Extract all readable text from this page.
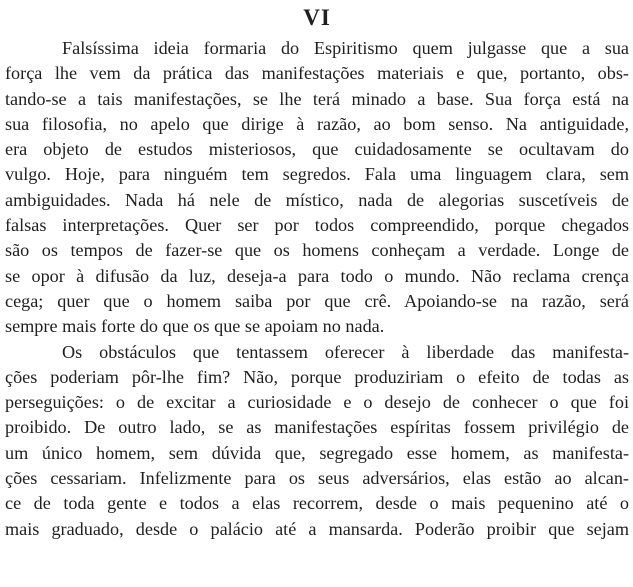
VI

Falsíssima ideia formaria do Espiritismo quem julgasse que a sua
força lhe vem da prática das manifestações materiais e que, portanto, obs-
tando-se a tais manifestações, se lhe terá minado a base. Sua força está na
sua filosofia, no apelo que dirige à razão, ao bom senso. Na antiguidade,
era objeto de estudos misteriosos, que cuidadosamente se ocultavam do
vulgo. Hoje, para ninguém tem segredos. Fala uma linguagem clara, sem
ambiguidades. Nada há nele de místico, nada de alegorias suscetíveis de
falsas interpretações. Quer ser por todos compreendido, porque chegados
são os tempos de fazer-se que os homens conheçam a verdade. Longe de
se opor à difusão da luz, deseja-a para todo o mundo. Não reclama crença
cega; quer que o homem saiba por que crê. Apoiando-se na razão, será
sempre mais forte do que os que se apoiam no nada.

Os obstáculos que tentassem oferecer à liberdade das manifesta-
ções poderiam pôr-lhe fim? Não, porque produziriam o efeito de todas as
perseguições: o de excitar a curiosidade e o desejo de conhecer o que foi
proibido. De outro lado, se as manifestações espíritas fossem privilégio de
um único homem, sem dúvida que, segregado esse homem, as manifesta-
ções cessariam. Infelizmente para os seus adversários, elas estão ao alcan-
ce de toda gente e todos a elas recorrem, desde o mais pequenino até o
mais graduado, desde o palácio até a mansarda. Poderão proibir que sejam
